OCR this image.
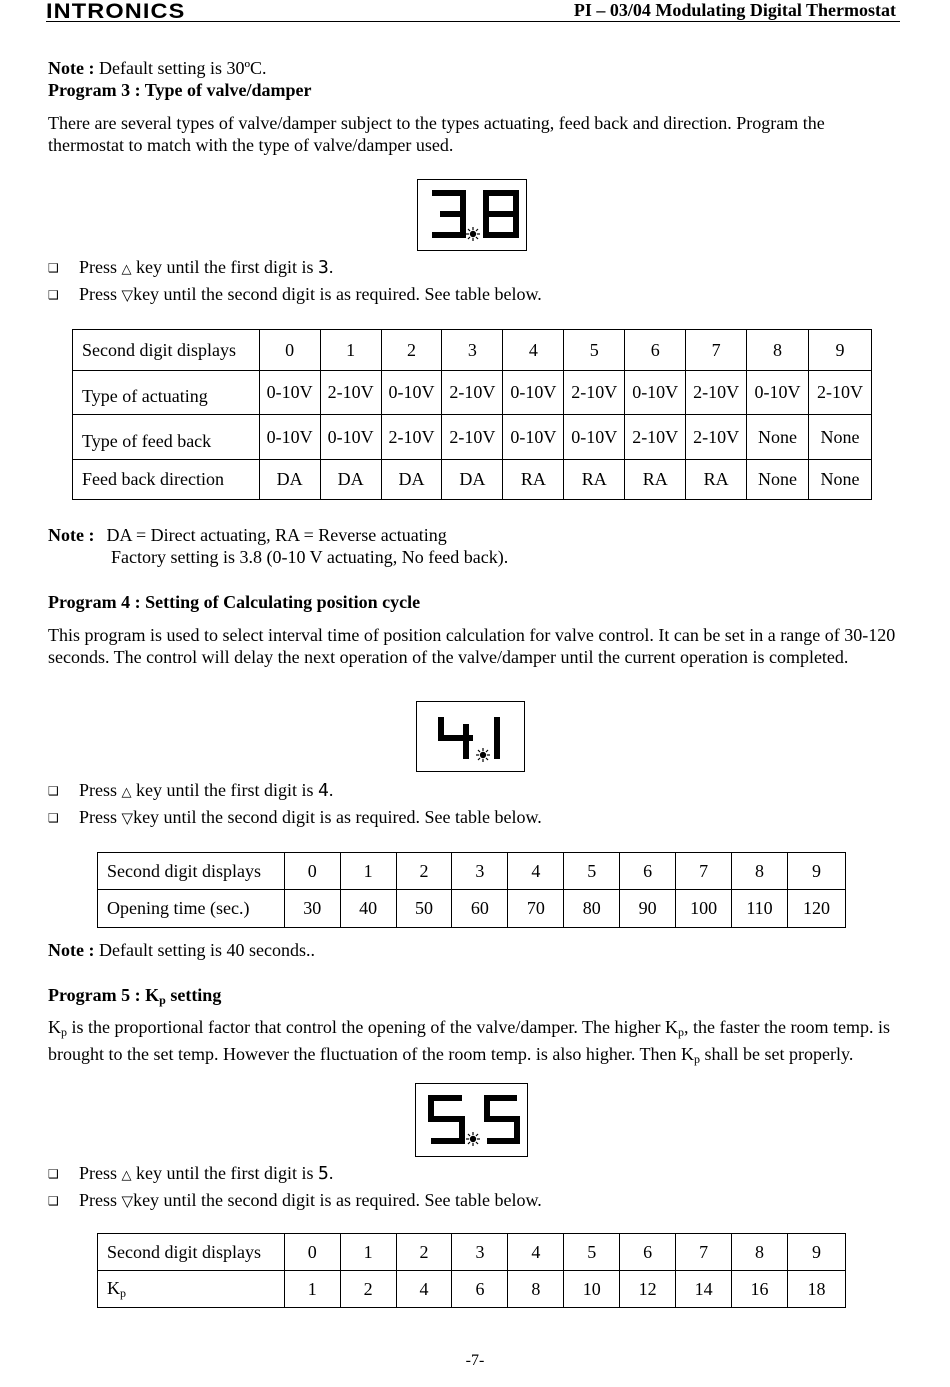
INTRONICS	PI – 03/04 Modulating Digital Thermostat
Note : Default setting is 30ºC.
Program 3 : Type of valve/damper
There are several types of valve/damper subject to the types actuating, feed back and direction. Program the thermostat to match with the type of valve/damper used.
❑ Press △ key until the first digit is 3.
❑ Press ▽key until the second digit is as required. See table below.
Second digit displays	0	1	2	3	4	5	6	7	8	9
Type of actuating	0-10V	2-10V	0-10V	2-10V	0-10V	2-10V	0-10V	2-10V	0-10V	2-10V
Type of feed back	0-10V	0-10V	2-10V	2-10V	0-10V	0-10V	2-10V	2-10V	None	None
Feed back direction	DA	DA	DA	DA	RA	RA	RA	RA	None	None
Note : DA = Direct actuating, RA = Reverse actuating
Factory setting is 3.8 (0-10 V actuating, No feed back).
Program 4 : Setting of Calculating position cycle
This program is used to select interval time of position calculation for valve control. It can be set in a range of 30-120 seconds. The control will delay the next operation of the valve/damper until the current operation is completed.
❑ Press △ key until the first digit is 4.
❑ Press ▽key until the second digit is as required. See table below.
Second digit displays	0	1	2	3	4	5	6	7	8	9
Opening time (sec.)	30	40	50	60	70	80	90	100	110	120
Note : Default setting is 40 seconds..
Program 5 : Kp setting
Kp is the proportional factor that control the opening of the valve/damper. The higher Kp, the faster the room temp. is brought to the set temp. However the fluctuation of the room temp. is also higher. Then Kp shall be set properly.
❑ Press △ key until the first digit is 5.
❑ Press ▽key until the second digit is as required. See table below.
Second digit displays	0	1	2	3	4	5	6	7	8	9
Kp	1	2	4	6	8	10	12	14	16	18
-7-
